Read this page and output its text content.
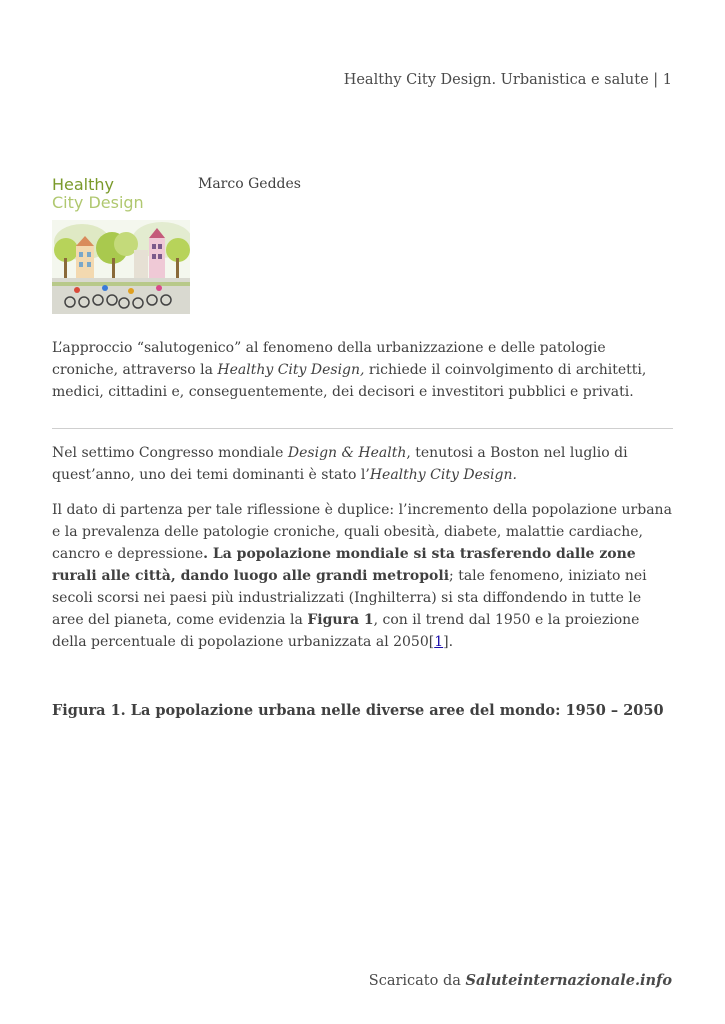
Healthy City Design. Urbanistica e salute | 1
Healthy
City Design
Marco Geddes

L’approccio “salutogenico” al fenomeno della urbanizzazione e delle patologie croniche, attraverso la Healthy City Design, richiede il coinvolgimento di architetti, medici, cittadini e, conseguentemente, dei decisori e investitori pubblici e privati.

Nel settimo Congresso mondiale Design & Health, tenutosi a Boston nel luglio di quest’anno, uno dei temi dominanti è stato l’Healthy City Design.

Il dato di partenza per tale riflessione è duplice: l’incremento della popolazione urbana e la prevalenza delle patologie croniche, quali obesità, diabete, malattie cardiache, cancro e depressione. La popolazione mondiale si sta trasferendo dalle zone rurali alle città, dando luogo alle grandi metropoli; tale fenomeno, iniziato nei secoli scorsi nei paesi più industrializzati (Inghilterra) si sta diffondendo in tutte le aree del pianeta, come evidenzia la Figura 1, con il trend dal 1950 e la proiezione della percentuale di popolazione urbanizzata al 2050[1].

Figura 1. La popolazione urbana nelle diverse aree del mondo: 1950 – 2050
Scaricato da Saluteinternazionale.info
